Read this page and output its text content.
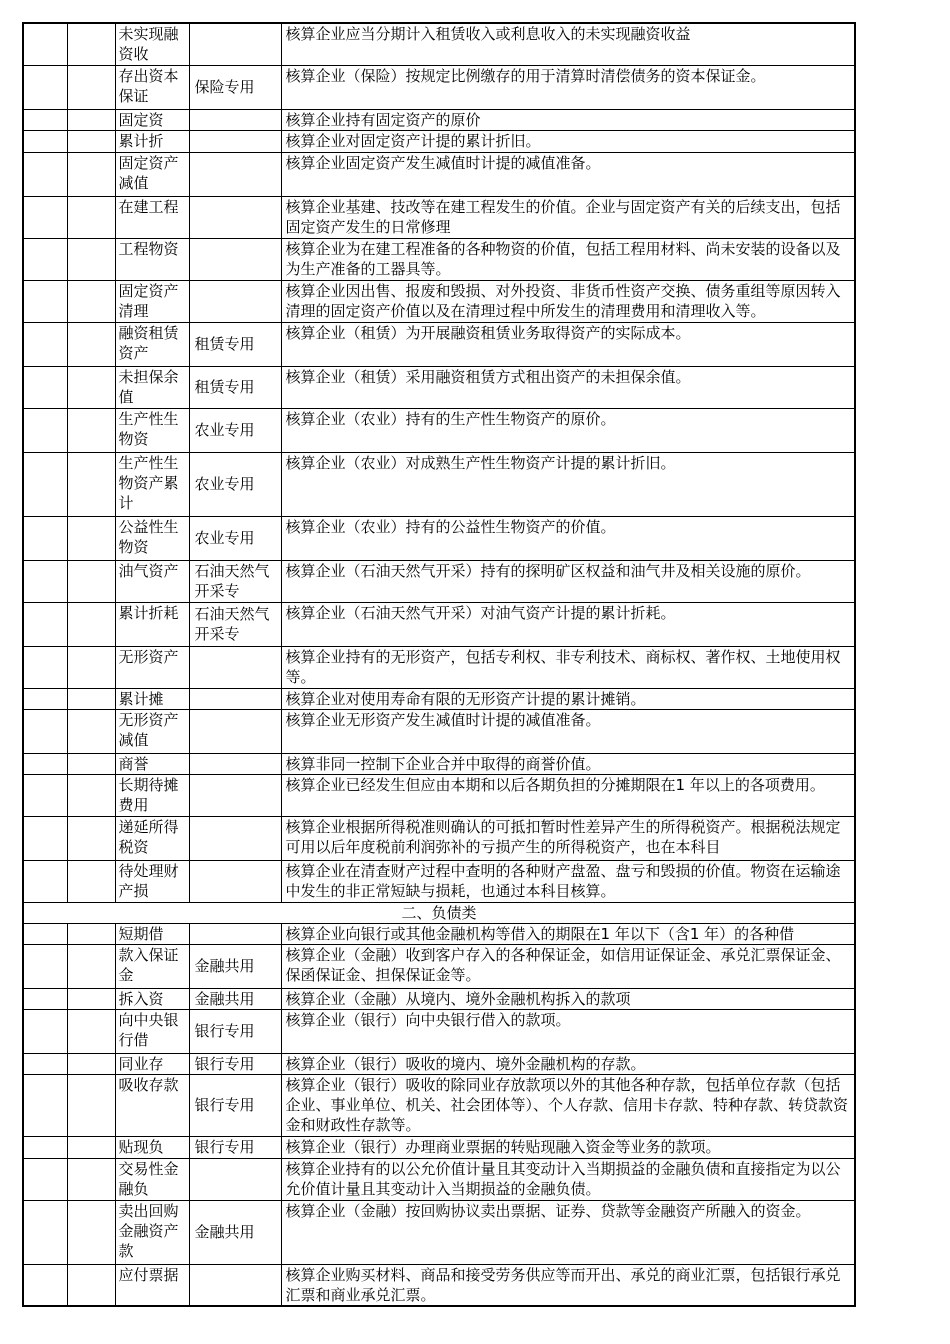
		未实现融资收		核算企业应当分期计入租赁收入或利息收入的未实现融资收益
		存出资本保证	保险专用	核算企业（保险）按规定比例缴存的用于清算时清偿债务的资本保证金。
		固定资		核算企业持有固定资产的原价
		累计折		核算企业对固定资产计提的累计折旧。
		固定资产减值		核算企业固定资产发生减值时计提的减值准备。
		在建工程		核算企业基建、技改等在建工程发生的价值。企业与固定资产有关的后续支出，包括固定资产发生的日常修理
		工程物资		核算企业为在建工程准备的各种物资的价值，包括工程用材料、尚未安装的设备以及为生产准备的工器具等。
		固定资产清理		核算企业因出售、报废和毁损、对外投资、非货币性资产交换、债务重组等原因转入清理的固定资产价值以及在清理过程中所发生的清理费用和清理收入等。
		融资租赁资产	租赁专用	核算企业（租赁）为开展融资租赁业务取得资产的实际成本。
		未担保余值	租赁专用	核算企业（租赁）采用融资租赁方式租出资产的未担保余值。
		生产性生物资	农业专用	核算企业（农业）持有的生产性生物资产的原价。
		生产性生物资产累计	农业专用	核算企业（农业）对成熟生产性生物资产计提的累计折旧。
		公益性生物资	农业专用	核算企业（农业）持有的公益性生物资产的价值。
		油气资产	石油天然气开采专	核算企业（石油天然气开采）持有的探明矿区权益和油气井及相关设施的原价。
		累计折耗	石油天然气开采专	核算企业（石油天然气开采）对油气资产计提的累计折耗。
		无形资产		核算企业持有的无形资产，包括专利权、非专利技术、商标权、著作权、土地使用权等。
		累计摊		核算企业对使用寿命有限的无形资产计提的累计摊销。
		无形资产减值		核算企业无形资产发生减值时计提的减值准备。
		商誉		核算非同一控制下企业合并中取得的商誉价值。
		长期待摊费用		核算企业已经发生但应由本期和以后各期负担的分摊期限在1 年以上的各项费用。
		递延所得税资		核算企业根据所得税准则确认的可抵扣暂时性差异产生的所得税资产。根据税法规定可用以后年度税前利润弥补的亏损产生的所得税资产，也在本科目
		待处理财产损		核算企业在清查财产过程中查明的各种财产盘盈、盘亏和毁损的价值。物资在运输途中发生的非正常短缺与损耗，也通过本科目核算。
二、负债类				
		短期借		核算企业向银行或其他金融机构等借入的期限在1 年以下（含1 年）的各种借
		款入保证金	金融共用	核算企业（金融）收到客户存入的各种保证金，如信用证保证金、承兑汇票保证金、保函保证金、担保保证金等。
		拆入资	金融共用	核算企业（金融）从境内、境外金融机构拆入的款项
		向中央银行借	银行专用	核算企业（银行）向中央银行借入的款项。
		同业存	银行专用	核算企业（银行）吸收的境内、境外金融机构的存款。
		吸收存款	银行专用	核算企业（银行）吸收的除同业存放款项以外的其他各种存款，包括单位存款（包括企业、事业单位、机关、社会团体等）、个人存款、信用卡存款、特种存款、转贷款资金和财政性存款等。
		贴现负	银行专用	核算企业（银行）办理商业票据的转贴现融入资金等业务的款项。
		交易性金融负		核算企业持有的以公允价值计量且其变动计入当期损益的金融负债和直接指定为以公允价值计量且其变动计入当期损益的金融负债。
		卖出回购金融资产款	金融共用	核算企业（金融）按回购协议卖出票据、证券、贷款等金融资产所融入的资金。
		应付票据		核算企业购买材料、商品和接受劳务供应等而开出、承兑的商业汇票，包括银行承兑汇票和商业承兑汇票。
